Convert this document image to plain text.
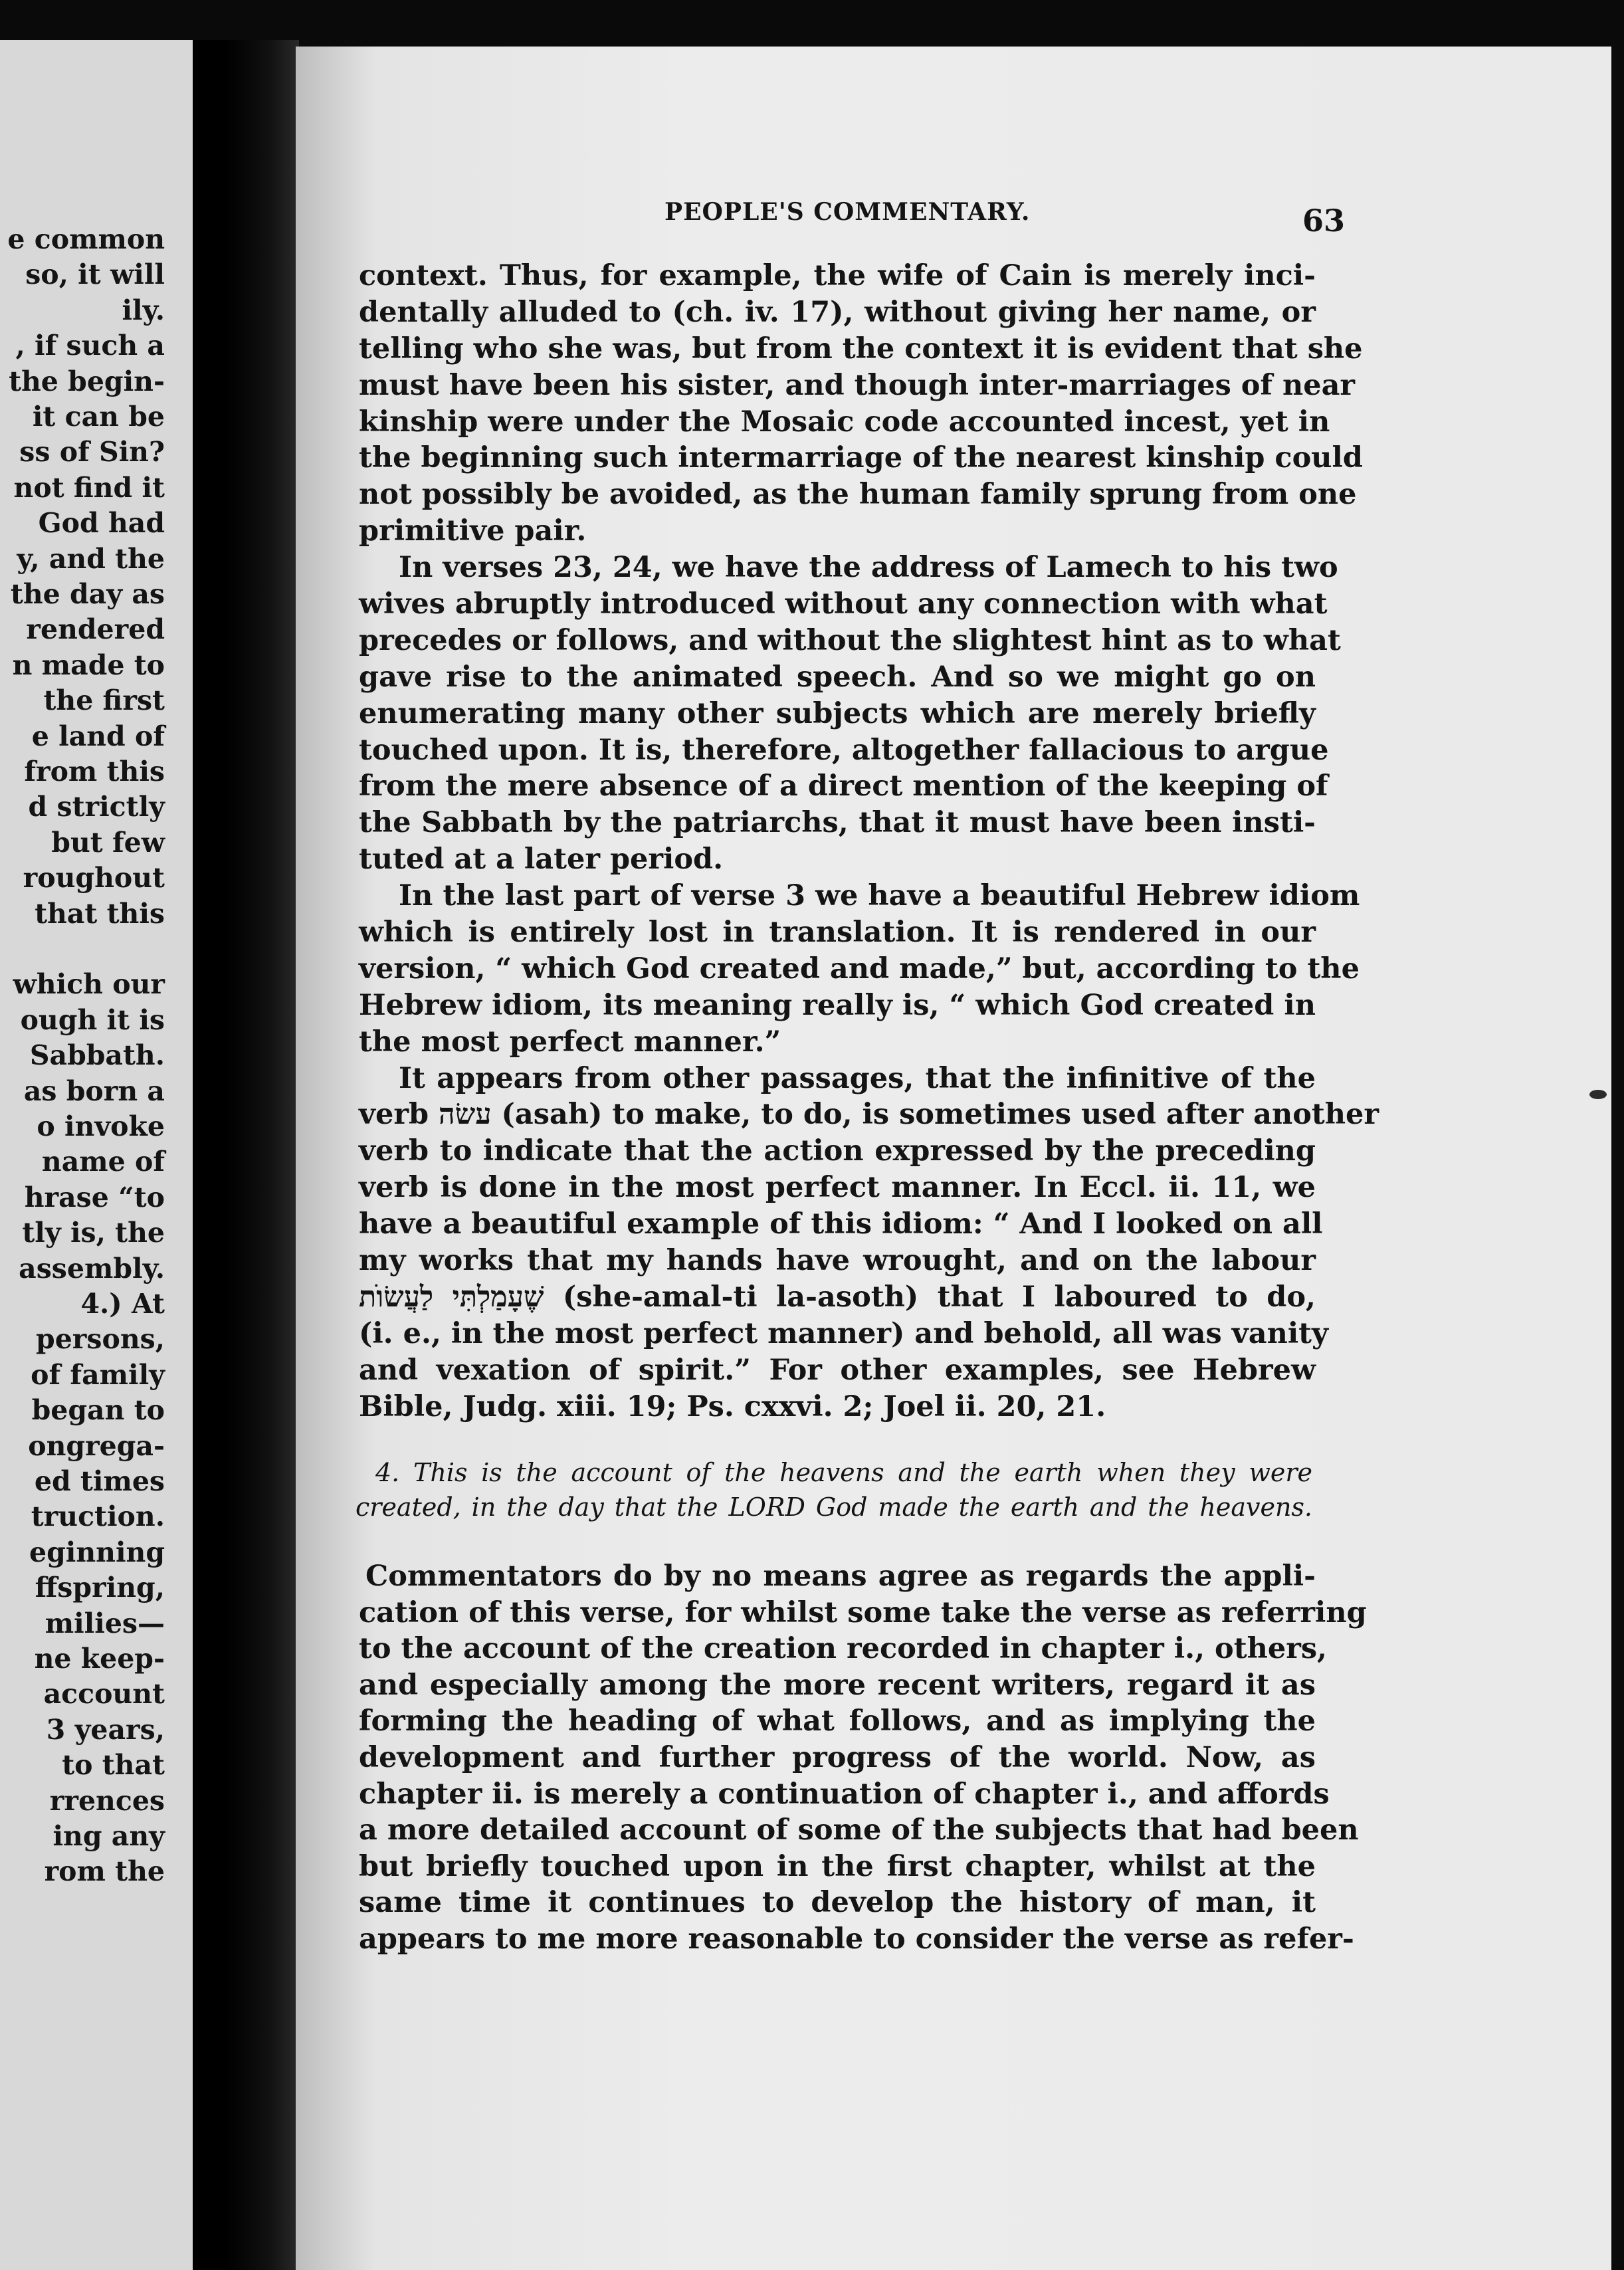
e common
so, it will
ily.
, if such a
the begin-
it can be
ss of Sin?
not find it
God had
y, and the
the day as
rendered
n made to
the first
e land of
from this
d strictly
but few
roughout
that this
which our
ough it is
Sabbath.
as born a
o invoke
name of
hrase “to
tly is, the
assembly.
4.) At
persons,
of family
began to
ongrega-
ed times
truction.
eginning
ffspring,
milies—
ne keep-
account
3 years,
to that
rrences
ing any
rom the
PEOPLE'S COMMENTARY.	63
context. Thus, for example, the wife of Cain is merely inci-
dentally alluded to (ch. iv. 17), without giving her name, or
telling who she was, but from the context it is evident that she
must have been his sister, and though inter-marriages of near
kinship were under the Mosaic code accounted incest, yet in
the beginning such intermarriage of the nearest kinship could
not possibly be avoided, as the human family sprung from one
primitive pair.
In verses 23, 24, we have the address of Lamech to his two
wives abruptly introduced without any connection with what
precedes or follows, and without the slightest hint as to what
gave rise to the animated speech. And so we might go on
enumerating many other subjects which are merely briefly
touched upon. It is, therefore, altogether fallacious to argue
from the mere absence of a direct mention of the keeping of
the Sabbath by the patriarchs, that it must have been insti-
tuted at a later period.
In the last part of verse 3 we have a beautiful Hebrew idiom
which is entirely lost in translation. It is rendered in our
version, “ which God created and made,” but, according to the
Hebrew idiom, its meaning really is, “ which God created in
the most perfect manner.”
It appears from other passages, that the infinitive of the
verb עשׂה (asah) to make, to do, is sometimes used after another
verb to indicate that the action expressed by the preceding
verb is done in the most perfect manner. In Eccl. ii. 11, we
have a beautiful example of this idiom: “ And I looked on all
my works that my hands have wrought, and on the labour
שֶׁעָמַלְתִּי לַעֲשׂוֺת (she-amal-ti la-asoth) that I laboured to do,
(i. e., in the most perfect manner) and behold, all was vanity
and vexation of spirit.” For other examples, see Hebrew
Bible, Judg. xiii. 19; Ps. cxxvi. 2; Joel ii. 20, 21.
4. This is the account of the heavens and the earth when they were
created, in the day that the LORD God made the earth and the heavens.
Commentators do by no means agree as regards the appli-
cation of this verse, for whilst some take the verse as referring
to the account of the creation recorded in chapter i., others,
and especially among the more recent writers, regard it as
forming the heading of what follows, and as implying the
development and further progress of the world. Now, as
chapter ii. is merely a continuation of chapter i., and affords
a more detailed account of some of the subjects that had been
but briefly touched upon in the first chapter, whilst at the
same time it continues to develop the history of man, it
appears to me more reasonable to consider the verse as refer-
